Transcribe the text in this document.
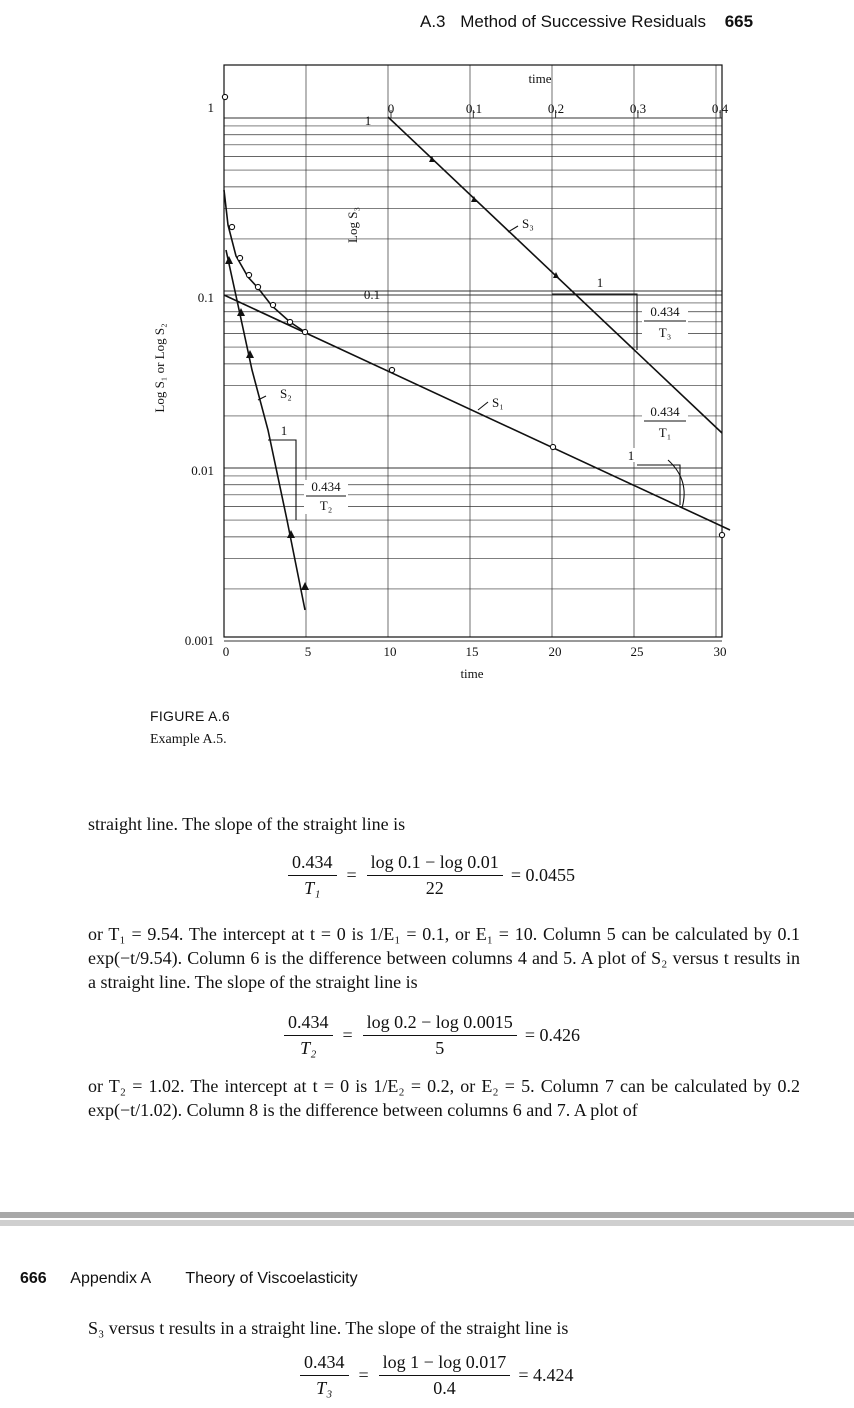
A.3 Method of Successive Residuals 665
time
0	0.1	0.2	0.3	0.4
0	5	10	15	20	25	30
time
1
0.1
0.01
0.001
Log S₁ or Log S₂
Log S₃
1
0.1
S₂
S₃
S₁
1
0.434
T₂
1
0.434
T₃
1
0.434
T₁
FIGURE A.6
Example A.5.
straight line. The slope of the straight line is
$\frac{0.434}{\text{T₁}} = \frac{\log 0.1 - \log 0.01}{22} = 0.0455$
or T₁ = 9.54. The intercept at t = 0 is 1/E₁ = 0.1, or E₁ = 10. Column 5 can be calculated by 0.1 exp(−t/9.54). Column 6 is the difference between columns 4 and 5. A plot of S₂ versus t results in a straight line. The slope of the straight line is
$\frac{0.434}{\text{T₂}} = \frac{\log 0.2 - \log 0.0015}{5} = 0.426$
or T₂ = 1.02. The intercept at t = 0 is 1/E₂ = 0.2, or E₂ = 5. Column 7 can be calculated by 0.2 exp(−t/1.02). Column 8 is the difference between columns 6 and 7. A plot of
666 Appendix A Theory of Viscoelasticity
S₃ versus t results in a straight line. The slope of the straight line is
$\frac{0.434}{\text{T₃}} = \frac{\log 1 - \log 0.017}{0.4} = 4.424$
